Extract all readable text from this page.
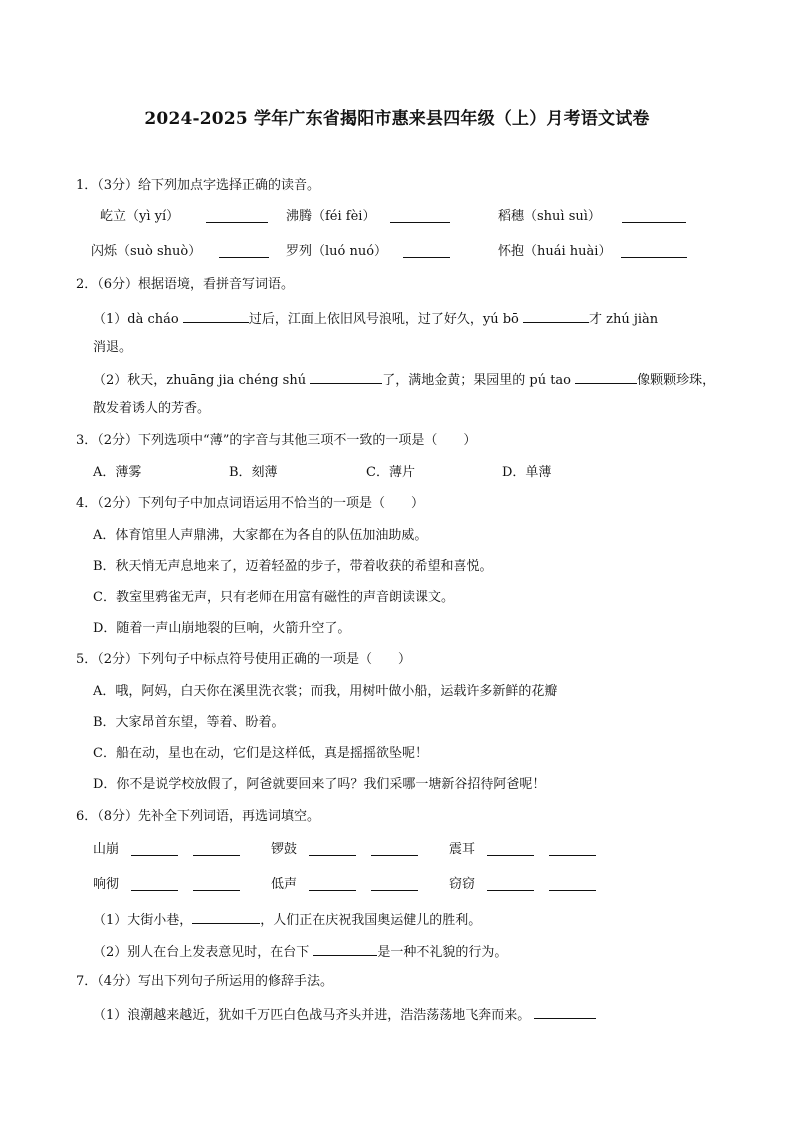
2024-2025 学年广东省揭阳市惠来县四年级（上）月考语文试卷
1．（3分）给下列加点字选择正确的读音。
屹立（yì yí）	沸腾（féi fèi）	稻穗（shuì suì）
闪烁（suò shuò）	罗列（luó nuó）	怀抱（huái huài）
2．（6分）根据语境，看拼音写词语。
（1）dà cháo	过后，江面上依旧风号浪吼，过了好久，yú bō	才 zhú jiàn
消退。
（2）秋天，zhuāng jia chéng shú	了，满地金黄；果园里的 pú tao	像颗颗珍珠，
散发着诱人的芳香。
3．（2分）下列选项中“薄”的字音与其他三项不一致的一项是（　　）
A．薄雾	B．刻薄	C．薄片	D．单薄
4．（2分）下列句子中加点词语运用不恰当的一项是（　　）
A．体育馆里人声鼎沸，大家都在为各自的队伍加油助威。
B．秋天悄无声息地来了，迈着轻盈的步子，带着收获的希望和喜悦。
C．教室里鸦雀无声，只有老师在用富有磁性的声音朗读课文。
D．随着一声山崩地裂的巨响，火箭升空了。
5．（2分）下列句子中标点符号使用正确的一项是（　　）
A．哦，阿妈，白天你在溪里洗衣裳；而我，用树叶做小船，运载许多新鲜的花瓣
B．大家昂首东望，等着、盼着。
C．船在动，星也在动，它们是这样低，真是摇摇欲坠呢！
D．你不是说学校放假了，阿爸就要回来了吗？我们采哪一塘新谷招待阿爸呢！
6．（8分）先补全下列词语，再选词填空。
山崩	锣鼓	震耳
响彻	低声	窃窃
（1）大街小巷，	，人们正在庆祝我国奥运健儿的胜利。
（2）别人在台上发表意见时，在台下	是一种不礼貌的行为。
7．（4分）写出下列句子所运用的修辞手法。
（1）浪潮越来越近，犹如千万匹白色战马齐头并进，浩浩荡荡地飞奔而来。
